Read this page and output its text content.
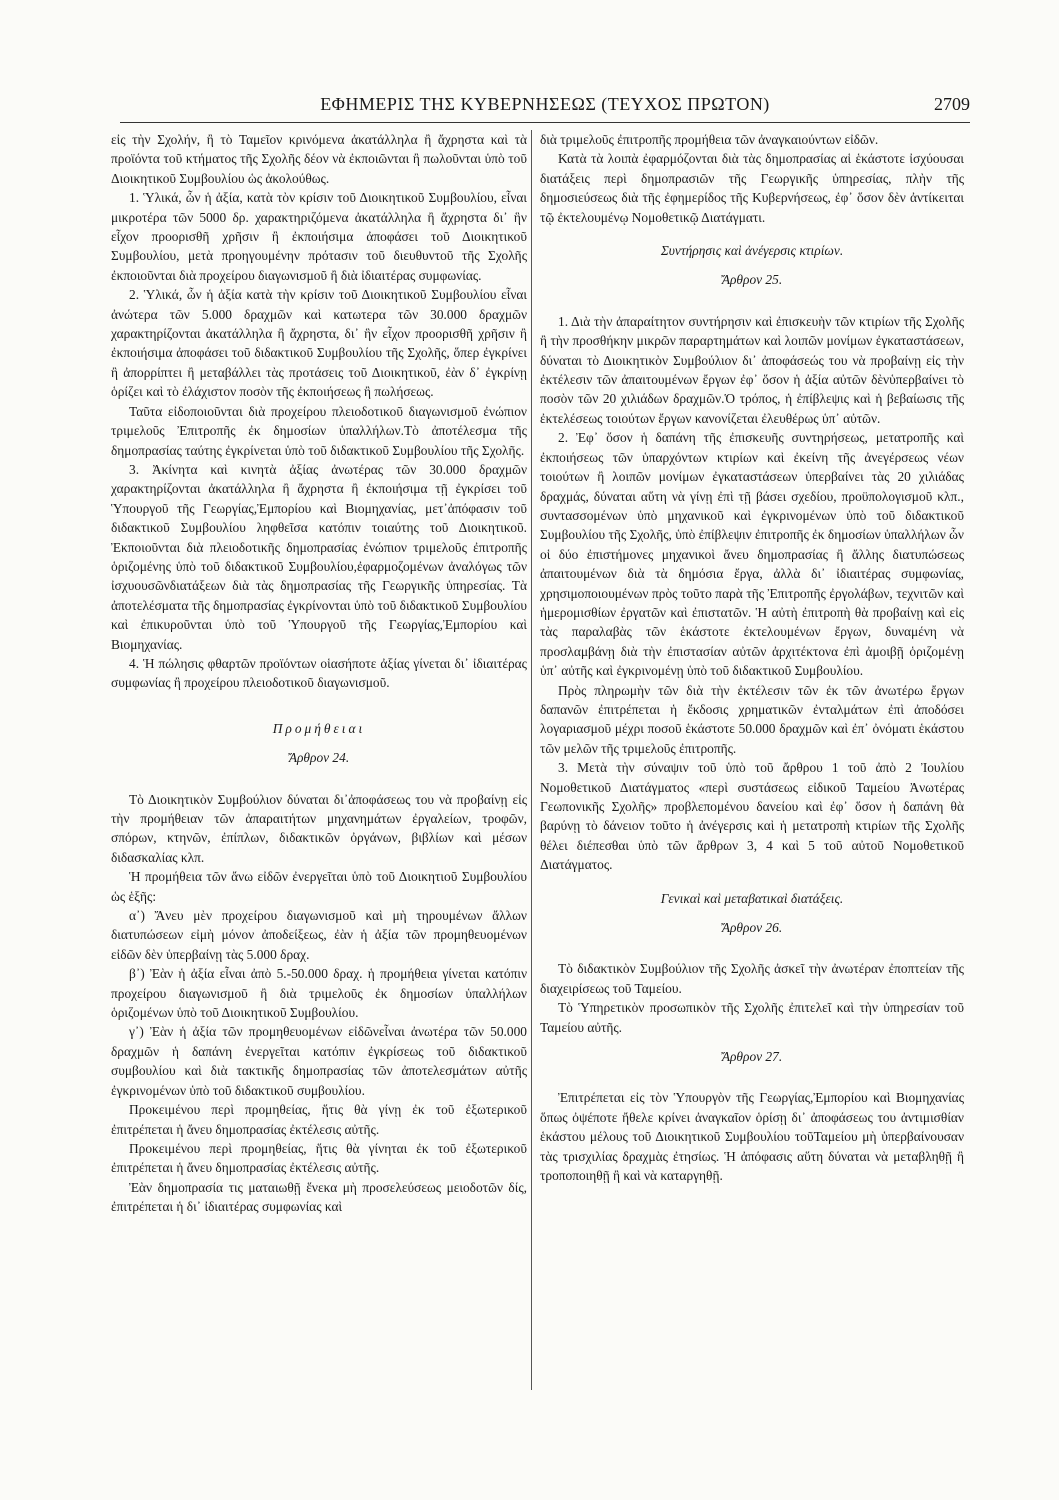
ΕΦΗΜΕΡΙΣ ΤΗΣ ΚΥΒΕΡΝΗΣΕΩΣ (ΤΕΥΧΟΣ ΠΡΩΤΟΝ)	2709

εἰς τὴν Σχολήν, ἢ τὸ Ταμεῖον κρινόμενα ἀκατάλληλα ἢ ἄχρηστα καὶ τὰ προϊόντα τοῦ κτήματος τῆς Σχολῆς δέον νὰ ἐκποιῶνται ἢ πωλοῦνται ὑπὸ τοῦ Διοικητικοῦ Συμβουλίου ὡς ἀκολούθως.

1. Ὑλικά, ὧν ἡ ἀξία, κατὰ τὸν κρίσιν τοῦ Διοικητικοῦ Συμβουλίου, εἶναι μικροτέρα τῶν 5000 δρ. χαρακτηριζόμενα ἀκατάλληλα ἢ ἄχρηστα δι᾽ ἣν εἶχον προορισθῆ χρῆσιν ἢ ἐκποιήσιμα ἀποφάσει τοῦ Διοικητικοῦ Συμβουλίου, μετὰ προηγουμένην πρότασιν τοῦ διευθυντοῦ τῆς Σχολῆς ἐκποιοῦνται διὰ προχείρου διαγωνισμοῦ ἢ διὰ ἰδιαιτέρας συμφωνίας.

2. Ὑλικά, ὧν ἡ ἀξία κατὰ τὴν κρίσιν τοῦ Διοικητικοῦ Συμβουλίου εἶναι ἀνώτερα τῶν 5.000 δραχμῶν καὶ κατωτερα τῶν 30.000 δραχμῶν χαρακτηρίζονται ἀκατάλληλα ἢ ἄχρηστα, δι᾽ ἣν εἶχον προορισθῆ χρῆσιν ἢ ἐκποιήσιμα ἀποφάσει τοῦ διδακτικοῦ Συμβουλίου τῆς Σχολῆς, ὅπερ ἐγκρίνει ἢ ἀπορρίπτει ἢ μεταβάλλει τὰς προτάσεις τοῦ Διοικητικοῦ, ἐὰν δ᾽ ἐγκρίνῃ ὁρίζει καὶ τὸ ἐλάχιστον ποσὸν τῆς ἐκποιήσεως ἢ πωλήσεως.

Ταῦτα εἰδοποιοῦνται διὰ προχείρου πλειοδοτικοῦ διαγωνισμοῦ ἐνώπιον τριμελοῦς Ἐπιτροπῆς ἐκ δημοσίων ὑπαλλήλων.Τὸ ἀποτέλεσμα τῆς δημοπρασίας ταύτης ἐγκρίνεται ὑπὸ τοῦ διδακτικοῦ Συμβουλίου τῆς Σχολῆς.

3. Ἀκίνητα καὶ κινητὰ ἀξίας ἀνωτέρας τῶν 30.000 δραχμῶν χαρακτηρίζονται ἀκατάλληλα ἢ ἄχρηστα ἢ ἐκποιήσιμα τῇ ἐγκρίσει τοῦ Ὑπουργοῦ τῆς Γεωργίας,Ἐμπορίου καὶ Βιομηχανίας, μετ᾽ἀπόφασιν τοῦ διδακτικοῦ Συμβουλίου ληφθεῖσα κατόπιν τοιαύτης τοῦ Διοικητικοῦ. Ἐκποιοῦνται διὰ πλειοδοτικῆς δημοπρασίας ἐνώπιον τριμελοῦς ἐπιτροπῆς ὁριζομένης ὑπὸ τοῦ διδακτικοῦ Συμβουλίου,ἐφαρμοζομένων ἀναλόγως τῶν ἰσχυουσῶνδιατάξεων διὰ τὰς δημοπρασίας τῆς Γεωργικῆς ὑπηρεσίας. Τὰ ἀποτελέσματα τῆς δημοπρασίας ἐγκρίνονται ὑπὸ τοῦ διδακτικοῦ Συμβουλίου καὶ ἐπικυροῦνται ὑπὸ τοῦ Ὑπουργοῦ τῆς Γεωργίας,Ἐμπορίου καὶ Βιομηχανίας.

4. Ἡ πώλησις φθαρτῶν προϊόντων οἱασήποτε ἀξίας γίνεται δι᾽ ἰδιαιτέρας συμφωνίας ἢ προχείρου πλειοδοτικοῦ διαγωνισμοῦ.

Προμήθειαι
Ἄρθρον 24.

Τὸ Διοικητικὸν Συμβούλιον δύναται δι᾽ἀποφάσεως του νὰ προβαίνῃ εἰς τὴν προμήθειαν τῶν ἀπαραιτήτων μηχανημάτων ἐργαλείων, τροφῶν, σπόρων, κτηνῶν, ἐπίπλων, διδακτικῶν ὀργάνων, βιβλίων καὶ μέσων διδασκαλίας κλπ.

Ἡ προμήθεια τῶν ἄνω εἰδῶν ἐνεργεῖται ὑπὸ τοῦ Διοικητιοῦ Συμβουλίου ὡς ἑξῆς:

α᾽) Ἄνευ μὲν προχείρου διαγωνισμοῦ καὶ μὴ τηρουμένων ἄλλων διατυπώσεων εἰμὴ μόνον ἀποδείξεως, ἐὰν ἡ ἀξία τῶν προμηθευομένων εἰδῶν δὲν ὑπερβαίνῃ τὰς 5.000 δραχ.

β᾽) Ἐὰν ἡ ἀξία εἶναι ἀπὸ 5.-50.000 δραχ. ἡ προμήθεια γίνεται κατόπιν προχείρου διαγωνισμοῦ ἢ διὰ τριμελοῦς ἐκ δημοσίων ὑπαλλήλων ὁριζομένων ὑπὸ τοῦ Διοικητικοῦ Συμβουλίου.

γ᾽) Ἐὰν ἡ ἀξία τῶν προμηθευομένων εἰδῶνεἶναι ἀνωτέρα τῶν 50.000 δραχμῶν ἡ δαπάνη ἐνεργεῖται κατόπιν ἐγκρίσεως τοῦ διδακτικοῦ συμβουλίου καὶ διὰ τακτικῆς δημοπρασίας τῶν ἀποτελεσμάτων αὐτῆς ἐγκρινομένων ὑπὸ τοῦ διδακτικοῦ συμβουλίου.

Προκειμένου περὶ προμηθείας, ἥτις θὰ γίνῃ ἐκ τοῦ ἐξωτερικοῦ ἐπιτρέπεται ἡ ἄνευ δημοπρασίας ἐκτέλεσις αὐτῆς.

Προκειμένου περὶ προμηθείας, ἥτις θὰ γίνηται ἐκ τοῦ ἐξωτερικοῦ ἐπιτρέπεται ἡ ἄνευ δημοπρασίας ἐκτέλεσις αὐτῆς.

Ἐὰν δημοπρασία τις ματαιωθῇ ἕνεκα μὴ προσελεύσεως μειοδοτῶν δίς, ἐπιτρέπεται ἡ δι᾽ ἰδιαιτέρας συμφωνίας καὶ

διὰ τριμελοῦς ἐπιτροπῆς προμήθεια τῶν ἀναγκαιούντων εἰδῶν.

Κατὰ τὰ λοιπὰ ἐφαρμόζονται διὰ τὰς δημοπρασίας αἱ ἑκάστοτε ἰσχύουσαι διατάξεις περὶ δημοπρασιῶν τῆς Γεωργικῆς ὑπηρεσίας, πλὴν τῆς δημοσιεύσεως διὰ τῆς ἐφημερίδος τῆς Κυβερνήσεως, ἐφ᾽ ὅσον δὲν ἀντίκειται τῷ ἐκτελουμένῳ Νομοθετικῷ Διατάγματι.

Συντήρησις καὶ ἀνέγερσις κτιρίων.
Ἄρθρον 25.

1. Διὰ τὴν ἀπαραίτητον συντήρησιν καὶ ἐπισκευὴν τῶν κτιρίων τῆς Σχολῆς ἢ τὴν προσθήκην μικρῶν παραρτημάτων καὶ λοιπῶν μονίμων ἐγκαταστάσεων, δύναται τὸ Διοικητικὸν Συμβούλιον δι᾽ ἀποφάσεώς του νὰ προβαίνῃ εἰς τὴν ἐκτέλεσιν τῶν ἀπαιτουμένων ἔργων ἐφ᾽ ὅσον ἡ ἀξία αὐτῶν δὲνὑπερβαίνει τὸ ποσὸν τῶν 20 χιλιάδων δραχμῶν.Ὁ τρόπος, ἡ ἐπίβλεψις καὶ ἡ βεβαίωσις τῆς ἐκτελέσεως τοιούτων ἔργων κανονίζεται ἐλευθέρως ὑπ᾽ αὐτῶν.

2. Ἐφ᾽ ὅσον ἡ δαπάνη τῆς ἐπισκευῆς συντηρήσεως, μετατροπῆς καὶ ἐκποιήσεως τῶν ὑπαρχόντων κτιρίων καὶ ἐκείνη τῆς ἀνεγέρσεως νέων τοιούτων ἢ λοιπῶν μονίμων ἐγκαταστάσεων ὑπερβαίνει τὰς 20 χιλιάδας δραχμάς, δύναται αὕτη νὰ γίνῃ ἐπὶ τῇ βάσει σχεδίου, προϋπολογισμοῦ κλπ., συντασσομένων ὑπὸ μηχανικοῦ καὶ ἐγκρινομένων ὑπὸ τοῦ διδακτικοῦ Συμβουλίου τῆς Σχολῆς, ὑπὸ ἐπίβλεψιν ἐπιτροπῆς ἐκ δημοσίων ὑπαλλήλων ὧν οἱ δύο ἐπιστήμονες μηχανικοὶ ἄνευ δημοπρασίας ἢ ἄλλης διατυπώσεως ἀπαιτουμένων διὰ τὰ δημόσια ἔργα, ἀλλὰ δι᾽ ἰδιαιτέρας συμφωνίας, χρησιμοποιουμένων πρὸς τοῦτο παρὰ τῆς Ἐπιτροπῆς ἐργολάβων, τεχνιτῶν καὶ ἡμερομισθίων ἐργατῶν καὶ ἐπιστατῶν. Ἡ αὐτὴ ἐπιτροπὴ θὰ προβαίνῃ καὶ εἰς τὰς παραλαβὰς τῶν ἑκάστοτε ἐκτελουμένων ἔργων, δυναμένη νὰ προσλαμβάνῃ διὰ τὴν ἐπιστασίαν αὐτῶν ἀρχιτέκτονα ἐπὶ ἀμοιβῇ ὁριζομένῃ ὑπ᾽ αὐτῆς καὶ ἐγκρινομένῃ ὑπὸ τοῦ διδακτικοῦ Συμβουλίου.

Πρὸς πληρωμὴν τῶν διὰ τὴν ἐκτέλεσιν τῶν ἐκ τῶν ἀνωτέρω ἔργων δαπανῶν ἐπιτρέπεται ἡ ἔκδοσις χρηματικῶν ἐνταλμάτων ἐπὶ ἀποδόσει λογαριασμοῦ μέχρι ποσοῦ ἑκάστοτε 50.000 δραχμῶν καὶ ἐπ᾽ ὀνόματι ἑκάστου τῶν μελῶν τῆς τριμελοῦς ἐπιτροπῆς.

3. Μετὰ τὴν σύναψιν τοῦ ὑπὸ τοῦ ἄρθρου 1 τοῦ ἀπὸ 2 Ἰουλίου Νομοθετικοῦ Διατάγματος «περὶ συστάσεως εἰδικοῦ Ταμείου Ἀνωτέρας Γεωπονικῆς Σχολῆς» προβλεπομένου δανείου καὶ ἐφ᾽ ὅσον ἡ δαπάνη θὰ βαρύνῃ τὸ δάνειον τοῦτο ἡ ἀνέγερσις καὶ ἡ μετατροπὴ κτιρίων τῆς Σχολῆς θέλει διέπεσθαι ὑπὸ τῶν ἄρθρων 3, 4 καὶ 5 τοῦ αὐτοῦ Νομοθετικοῦ Διατάγματος.

Γενικαὶ καὶ μεταβατικαὶ διατάξεις.
Ἄρθρον 26.

Τὸ διδακτικὸν Συμβούλιον τῆς Σχολῆς ἀσκεῖ τὴν ἀνωτέραν ἐποπτείαν τῆς διαχειρίσεως τοῦ Ταμείου.

Τὸ Ὑπηρετικὸν προσωπικὸν τῆς Σχολῆς ἐπιτελεῖ καὶ τὴν ὑπηρεσίαν τοῦ Ταμείου αὐτῆς.

Ἄρθρον 27.

Ἐπιτρέπεται εἰς τὸν Ὑπουργὸν τῆς Γεωργίας,Ἐμπορίου καὶ Βιομηχανίας ὅπως ὀψέποτε ἤθελε κρίνει ἀναγκαῖον ὁρίσῃ δι᾽ ἀποφάσεως του ἀντιμισθίαν ἑκάστου μέλους τοῦ Διοικητικοῦ Συμβουλίου τοῦΤαμείου μὴ ὑπερβαίνουσαν τὰς τρισχιλίας δραχμὰς ἐτησίως. Ἡ ἀπόφασις αὕτη δύναται νὰ μεταβληθῇ ἢ τροποποιηθῇ ἢ καὶ νὰ καταργηθῇ.
